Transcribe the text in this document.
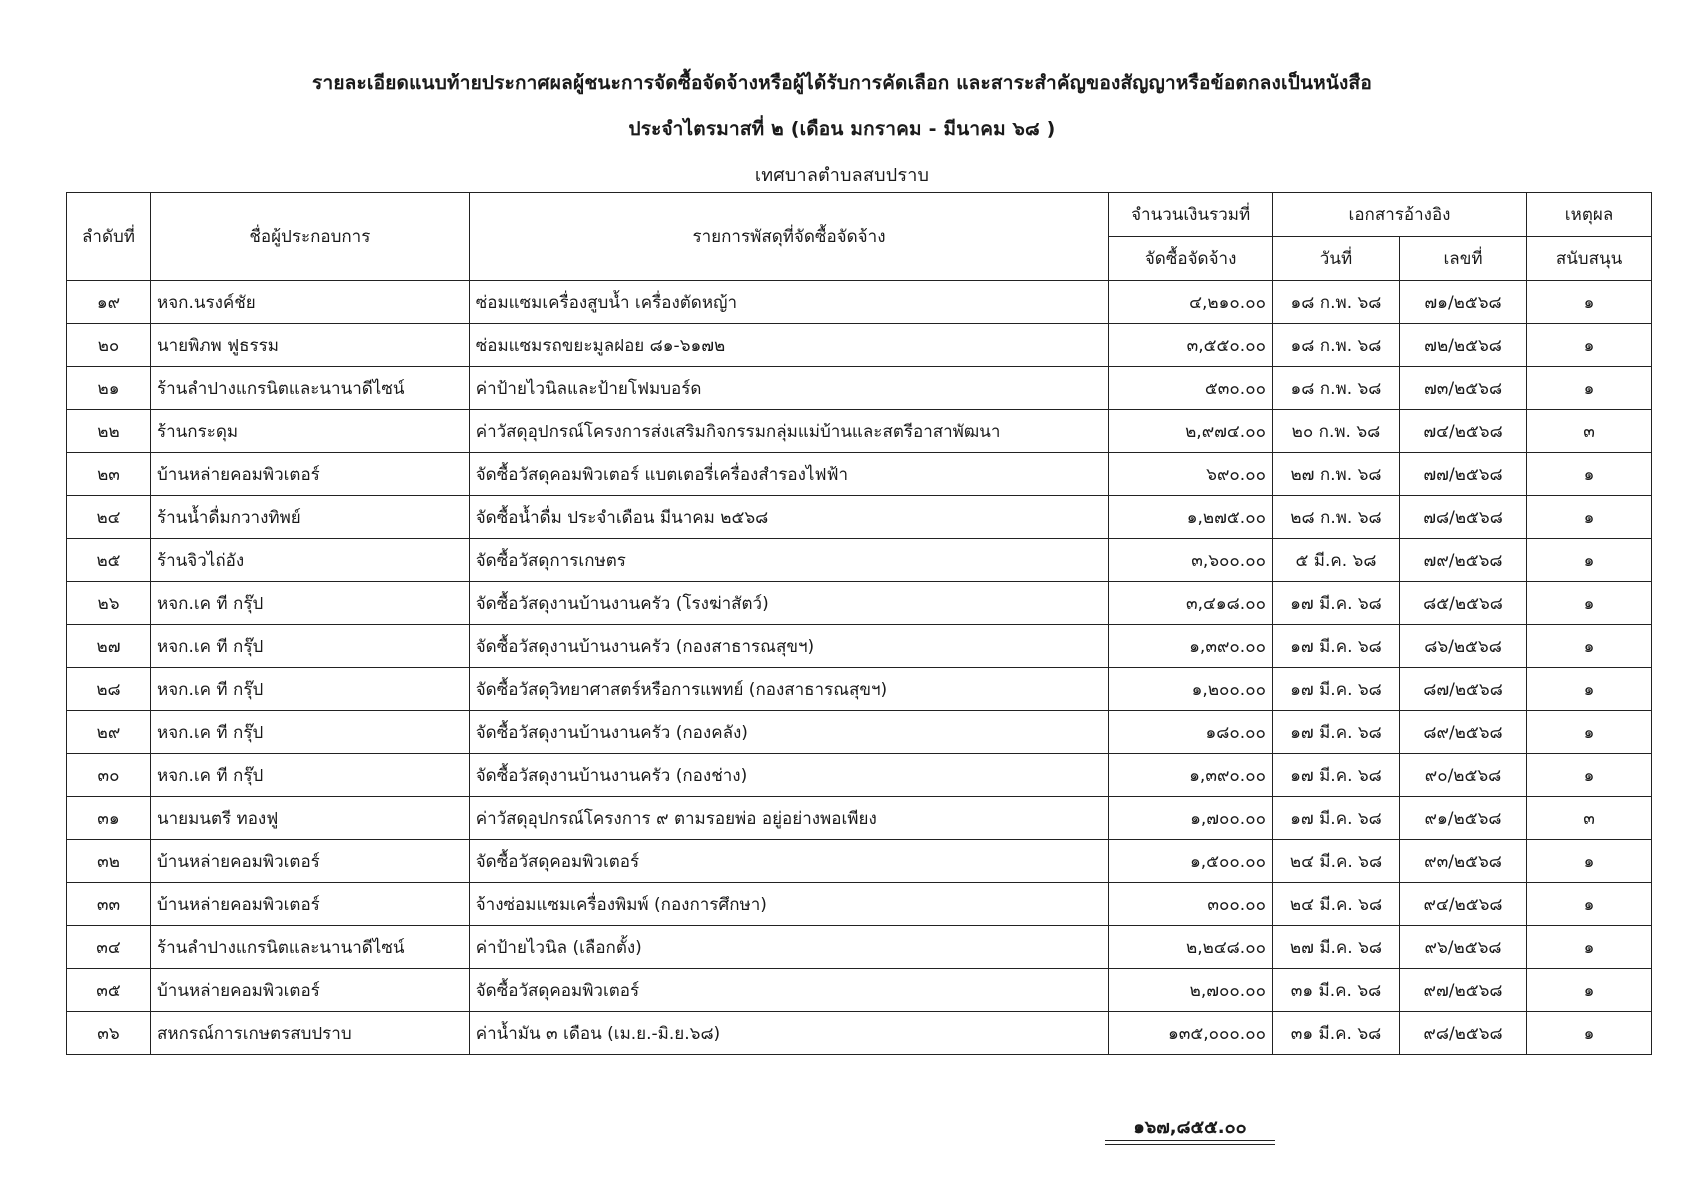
รายละเอียดแนบท้ายประกาศผลผู้ชนะการจัดซื้อจัดจ้างหรือผู้ได้รับการคัดเลือก และสาระสำคัญของสัญญาหรือข้อตกลงเป็นหนังสือ
ประจำไตรมาสที่ ๒ (เดือน มกราคม - มีนาคม ๖๘ )
เทศบาลตำบลสบปราบ
ลำดับที่	ชื่อผู้ประกอบการ	รายการพัสดุที่จัดซื้อจัดจ้าง	จำนวนเงินรวมที่	เอกสารอ้างอิง		เหตุผล
			จัดซื้อจัดจ้าง	วันที่	เลขที่	สนับสนุน
๑๙	หจก.นรงค์ชัย	ซ่อมแซมเครื่องสูบน้ำ เครื่องตัดหญ้า	๔,๒๑๐.๐๐	๑๘ ก.พ. ๖๘	๗๑/๒๕๖๘	๑
๒๐	นายพิภพ ฟูธรรม	ซ่อมแซมรถขยะมูลฝอย ๘๑-๖๑๗๒	๓,๕๕๐.๐๐	๑๘ ก.พ. ๖๘	๗๒/๒๕๖๘	๑
๒๑	ร้านลำปางแกรนิตและนานาดีไซน์	ค่าป้ายไวนิลและป้ายโฟมบอร์ด	๕๓๐.๐๐	๑๘ ก.พ. ๖๘	๗๓/๒๕๖๘	๑
๒๒	ร้านกระดุม	ค่าวัสดุอุปกรณ์โครงการส่งเสริมกิจกรรมกลุ่มแม่บ้านและสตรีอาสาพัฒนา	๒,๙๗๔.๐๐	๒๐ ก.พ. ๖๘	๗๔/๒๕๖๘	๓
๒๓	บ้านหล่ายคอมพิวเตอร์	จัดซื้อวัสดุคอมพิวเตอร์ แบตเตอรี่เครื่องสำรองไฟฟ้า	๖๙๐.๐๐	๒๗ ก.พ. ๖๘	๗๗/๒๕๖๘	๑
๒๔	ร้านน้ำดื่มกวางทิพย์	จัดซื้อน้ำดื่ม ประจำเดือน มีนาคม ๒๕๖๘	๑,๒๗๕.๐๐	๒๘ ก.พ. ๖๘	๗๘/๒๕๖๘	๑
๒๕	ร้านจิวไถ่อัง	จัดซื้อวัสดุการเกษตร	๓,๖๐๐.๐๐	๕ มี.ค. ๖๘	๗๙/๒๕๖๘	๑
๒๖	หจก.เค ที กรุ๊ป	จัดซื้อวัสดุงานบ้านงานครัว (โรงฆ่าสัตว์)	๓,๔๑๘.๐๐	๑๗ มี.ค. ๖๘	๘๕/๒๕๖๘	๑
๒๗	หจก.เค ที กรุ๊ป	จัดซื้อวัสดุงานบ้านงานครัว (กองสาธารณสุขฯ)	๑,๓๙๐.๐๐	๑๗ มี.ค. ๖๘	๘๖/๒๕๖๘	๑
๒๘	หจก.เค ที กรุ๊ป	จัดซื้อวัสดุวิทยาศาสตร์หรือการแพทย์ (กองสาธารณสุขฯ)	๑,๒๐๐.๐๐	๑๗ มี.ค. ๖๘	๘๗/๒๕๖๘	๑
๒๙	หจก.เค ที กรุ๊ป	จัดซื้อวัสดุงานบ้านงานครัว (กองคลัง)	๑๘๐.๐๐	๑๗ มี.ค. ๖๘	๘๙/๒๕๖๘	๑
๓๐	หจก.เค ที กรุ๊ป	จัดซื้อวัสดุงานบ้านงานครัว (กองช่าง)	๑,๓๙๐.๐๐	๑๗ มี.ค. ๖๘	๙๐/๒๕๖๘	๑
๓๑	นายมนตรี ทองฟู	ค่าวัสดุอุปกรณ์โครงการ ๙ ตามรอยพ่อ อยู่อย่างพอเพียง	๑,๗๐๐.๐๐	๑๗ มี.ค. ๖๘	๙๑/๒๕๖๘	๓
๓๒	บ้านหล่ายคอมพิวเตอร์	จัดซื้อวัสดุคอมพิวเตอร์	๑,๕๐๐.๐๐	๒๔ มี.ค. ๖๘	๙๓/๒๕๖๘	๑
๓๓	บ้านหล่ายคอมพิวเตอร์	จ้างซ่อมแซมเครื่องพิมพ์ (กองการศึกษา)	๓๐๐.๐๐	๒๔ มี.ค. ๖๘	๙๔/๒๕๖๘	๑
๓๔	ร้านลำปางแกรนิตและนานาดีไซน์	ค่าป้ายไวนิล (เลือกตั้ง)	๒,๒๔๘.๐๐	๒๗ มี.ค. ๖๘	๙๖/๒๕๖๘	๑
๓๕	บ้านหล่ายคอมพิวเตอร์	จัดซื้อวัสดุคอมพิวเตอร์	๒,๗๐๐.๐๐	๓๑ มี.ค. ๖๘	๙๗/๒๕๖๘	๑
๓๖	สหกรณ์การเกษตรสบปราบ	ค่าน้ำมัน ๓ เดือน (เม.ย.-มิ.ย.๖๘)	๑๓๕,๐๐๐.๐๐	๓๑ มี.ค. ๖๘	๙๘/๒๕๖๘	๑
๑๖๗,๘๕๕.๐๐
